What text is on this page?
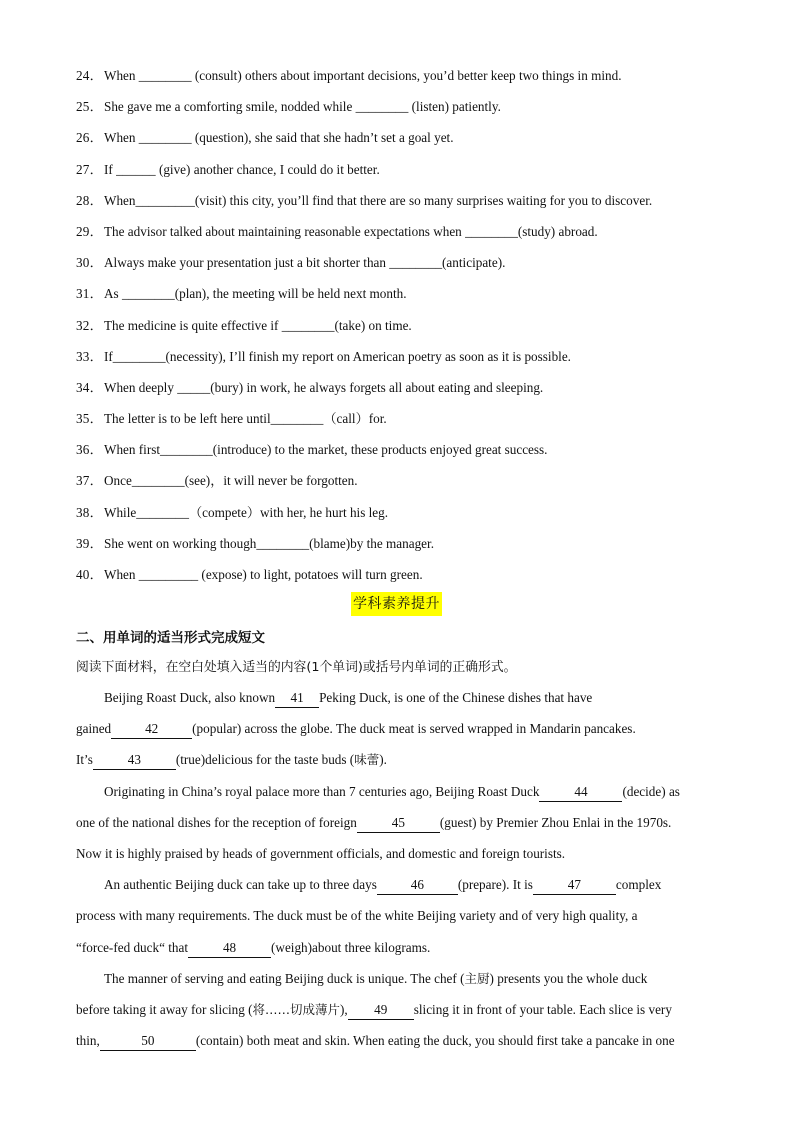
24．When ________ (consult) others about important decisions, you’d better keep two things in mind.
25．She gave me a comforting smile, nodded while ________ (listen) patiently.
26．When ________ (question), she said that she hadn’t set a goal yet.
27．If ______ (give) another chance, I could do it better.
28．When_________(visit) this city, you’ll find that there are so many surprises waiting for you to discover.
29．The advisor talked about maintaining reasonable expectations when ________(study) abroad.
30．Always make your presentation just a bit shorter than ________(anticipate).
31．As ________(plan), the meeting will be held next month.
32．The medicine is quite effective if ________(take) on time.
33．If________(necessity), I’ll finish my report on American poetry as soon as it is possible.
34．When deeply _____(bury) in work, he always forgets all about eating and sleeping.
35．The letter is to be left here until________（call）for.
36．When first________(introduce) to the market, these products enjoyed great success.
37．Once________(see)，it will never be forgotten.
38．While________（compete）with her, he hurt his leg.
39．She went on working though________(blame)by the manager.
40．When _________ (expose) to light, potatoes will turn green.
学科素养提升
二、用单词的适当形式完成短文
阅读下面材料，在空白处填入适当的内容(1个单词)或括号内单词的正确形式。
Beijing Roast Duck, also known 41 Peking Duck, is one of the Chinese dishes that have
gained	42	(popular) across the globe. The duck meat is served wrapped in Mandarin pancakes.
It’s	43	(true)delicious for the taste buds (味蕾).
Originating in China’s royal palace more than 7 centuries ago, Beijing Roast Duck	44	(decide) as
one of the national dishes for the reception of foreign	45	(guest) by Premier Zhou Enlai in the 1970s.
Now it is highly praised by heads of government officials, and domestic and foreign tourists.
An authentic Beijing duck can take up to three days	46	(prepare). It is	47	complex
process with many requirements. The duck must be of the white Beijing variety and of very high quality, a
“force-fed duck“ that	48	(weigh)about three kilograms.
The manner of serving and eating Beijing duck is unique. The chef (主厨) presents you the whole duck
before taking it away for slicing (将……切成薄片), 49 slicing it in front of your table. Each slice is very
thin,	50	(contain) both meat and skin. When eating the duck, you should first take a pancake in one
